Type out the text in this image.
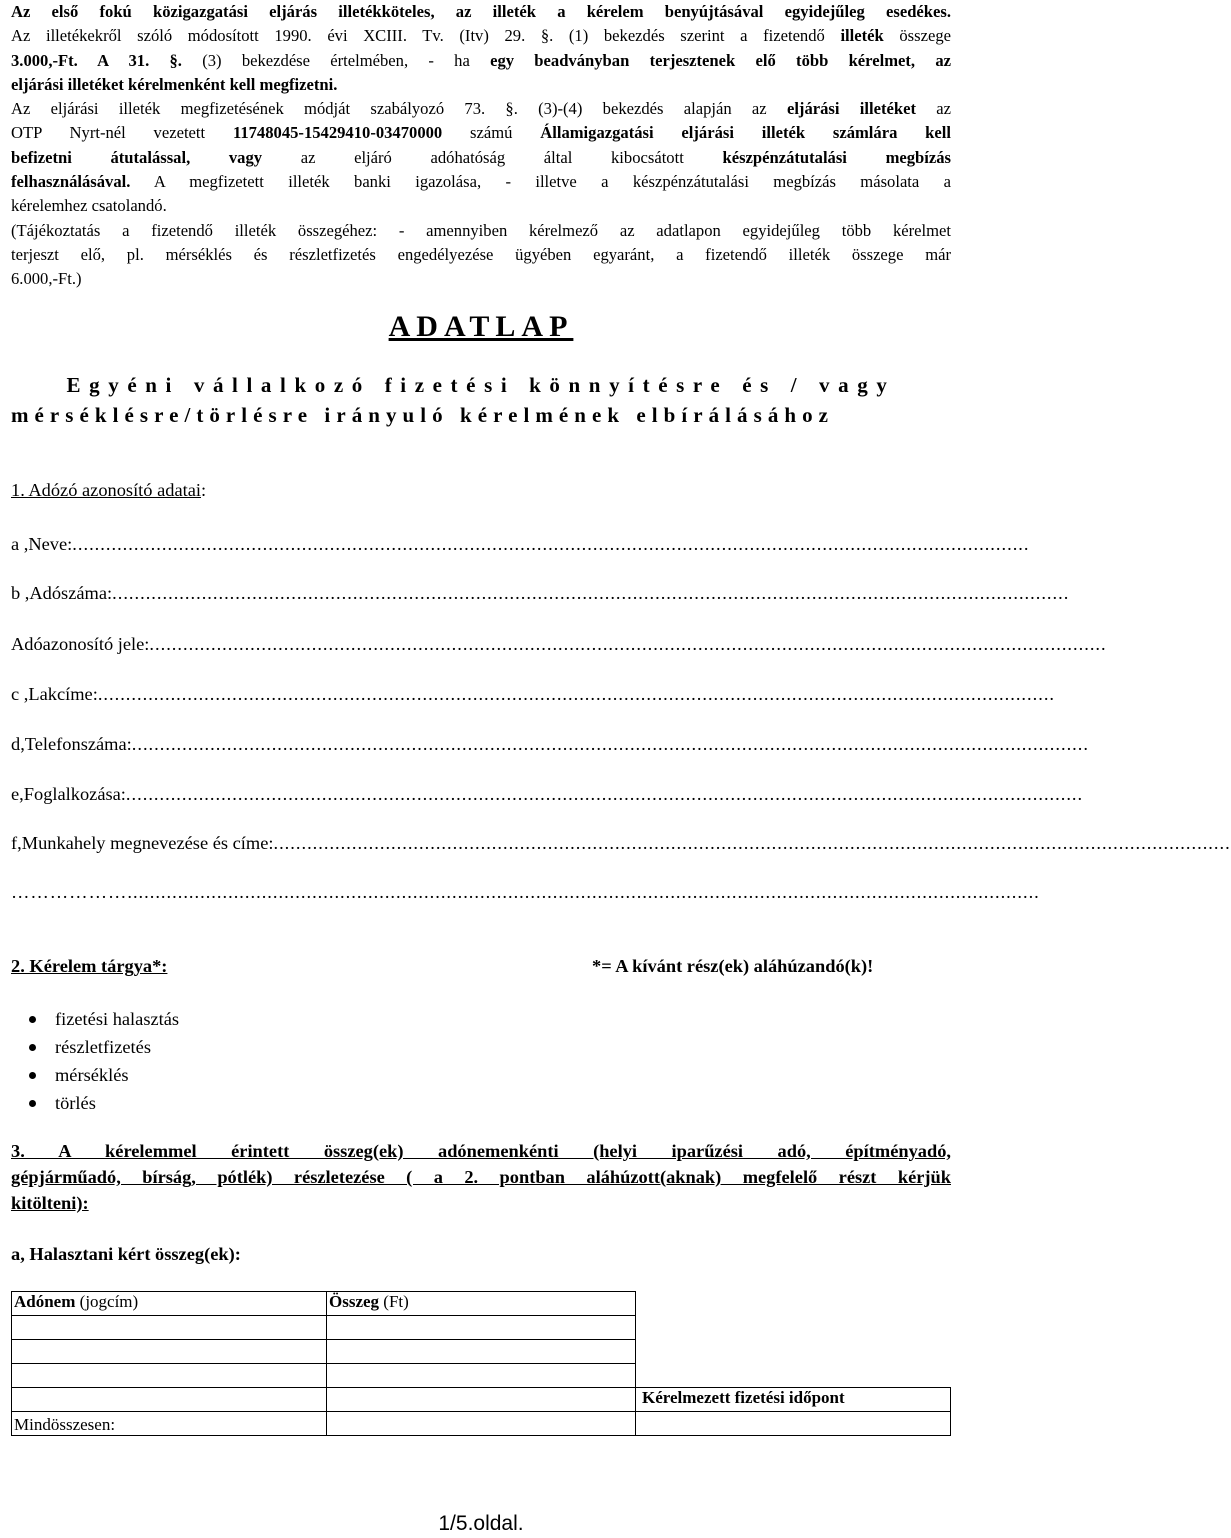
Az első fokú közigazgatási eljárás illetékköteles, az illeték a kérelem benyújtásával egyidejűleg esedékes.

Az illetékekről szóló módosított 1990. évi XCIII. Tv. (Itv) 29. §. (1) bekezdés szerint a fizetendő illeték összege

3.000,-Ft. A 31. §. (3) bekezdése értelmében, - ha egy beadványban terjesztenek elő több kérelmet, az

eljárási illetéket kérelmenként kell megfizetni.

Az eljárási illeték megfizetésének módját szabályozó 73. §. (3)-(4) bekezdés alapján az eljárási illetéket az

OTP Nyrt-nél vezetett 11748045-15429410-03470000 számú Államigazgatási eljárási illeték számlára kell

befizetni átutalással, vagy az eljáró adóhatóság által kibocsátott készpénzátutalási megbízás

felhasználásával. A megfizetett illeték banki igazolása, - illetve a készpénzátutalási megbízás másolata a

kérelemhez csatolandó.

(Tájékoztatás a fizetendő illeték összegéhez: - amennyiben kérelmező az adatlapon egyidejűleg több kérelmet

terjeszt elő, pl. mérséklés és részletfizetés engedélyezése ügyében egyaránt, a fizetendő illeték összege már

6.000,-Ft.)

ADATLAP
Egyéni vállalkozó fizetési könnyítésre és / vagy
mérséklésre/törlésre irányuló kérelmének elbírálásához
1. Adózó azonosító adatai:
a , Neve: ...........................................................................................................................................................................
b , Adószáma: ...........................................................................................................................................................................
Adóazonosító jele: ...........................................................................................................................................................................
c , Lakcíme: ...........................................................................................................................................................................
d, Telefonszáma: ...........................................................................................................................................................................
e, Foglalkozása: ...........................................................................................................................................................................
f, Munkahely megnevezése és címe: ...........................................................................................................................................................................
………………...................................................................................................................................................................
2. Kérelem tárgya*:	*= A kívánt rész(ek) aláhúzandó(k)!
fizetési halasztás
részletfizetés
mérséklés
törlés

3. A kérelemmel érintett összeg(ek) adónemenkénti (helyi iparűzési adó, építményadó,

gépjárműadó, bírság, pótlék) részletezése ( a 2. pontban aláhúzott(aknak) megfelelő részt kérjük

kitölteni):

a, Halasztani kért összeg(ek):
Adónem (jogcím)	Összeg (Ft)	

		Kérelmezett fizetési időpont
Mindösszesen:		
1/5.oldal.
